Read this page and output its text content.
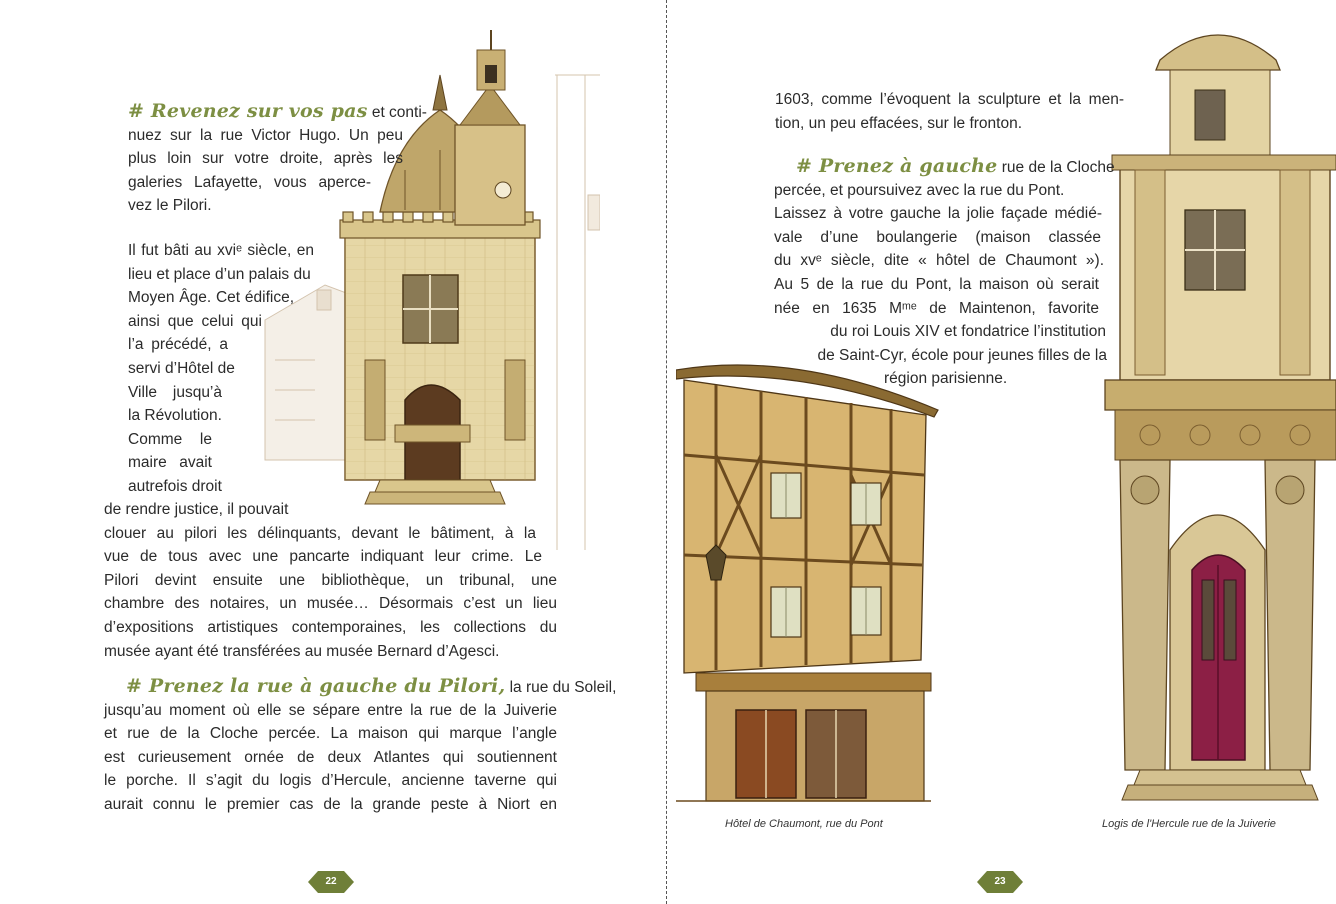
# Revenez sur vos pas et conti-
nuez sur la rue Victor Hugo. Un peu
plus loin sur votre droite, après les
galeries Lafayette, vous aperce-
vez le Pilori.
Il fut bâti au xviᵉ siècle, en
lieu et place d’un palais du
Moyen Âge. Cet édifice,
ainsi que celui qui
l’a précédé, a
servi d’Hôtel de
Ville jusqu’à
la Révolution.
Comme le
maire avait
autrefois droit
de rendre justice, il pouvait
clouer au pilori les délinquants, devant le bâtiment, à la
vue de tous avec une pancarte indiquant leur crime. Le
Pilori devint ensuite une bibliothèque, un tribunal, une
chambre des notaires, un musée… Désormais c’est un lieu
d’expositions artistiques contemporaines, les collections du
musée ayant été transférées au musée Bernard d’Agesci.
# Prenez la rue à gauche du Pilori, la rue du Soleil,
jusqu’au moment où elle se sépare entre la rue de la Juiverie
et rue de la Cloche percée. La maison qui marque l’angle
est curieusement ornée de deux Atlantes qui soutiennent
le porche. Il s’agit du logis d’Hercule, ancienne taverne qui
aurait connu le premier cas de la grande peste à Niort en
22
1603, comme l’évoquent la sculpture et la men-
tion, un peu effacées, sur le fronton.
# Prenez à gauche rue de la Cloche
percée, et poursuivez avec la rue du Pont.
Laissez à votre gauche la jolie façade médié-
vale d’une boulangerie (maison classée
du xvᵉ siècle, dite « hôtel de Chaumont »).
Au 5 de la rue du Pont, la maison où serait
née en 1635 Mᵐᵉ de Maintenon, favorite
du roi Louis XIV et fondatrice l’institution
de Saint-Cyr, école pour jeunes filles de la
région parisienne.
Hôtel de Chaumont, rue du Pont	Logis de l'Hercule rue de la Juiverie
23
